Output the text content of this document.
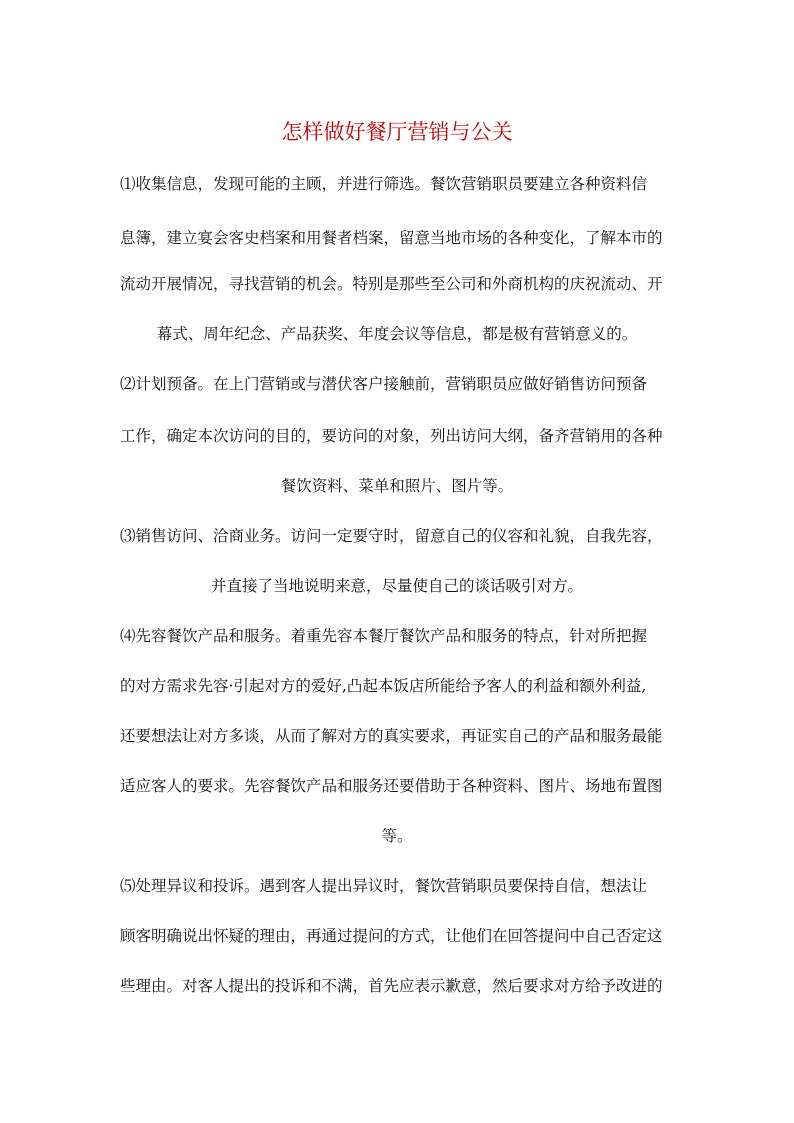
怎样做好餐厅营销与公关
⑴收集信息，发现可能的主顾，并进行筛选。餐饮营销职员要建立各种资料信
息簿，建立宴会客史档案和用餐者档案，留意当地市场的各种变化，了解本市的
流动开展情况，寻找营销的机会。特别是那些至公司和外商机构的庆祝流动、开
幕式、周年纪念、产品获奖、年度会议等信息，都是极有营销意义的。
⑵计划预备。在上门营销或与潜伏客户接触前，营销职员应做好销售访问预备
工作，确定本次访问的目的，要访问的对象，列出访问大纲，备齐营销用的各种
餐饮资料、菜单和照片、图片等。
⑶销售访问、洽商业务。访问一定要守时，留意自己的仪容和礼貌，自我先容，
并直接了当地说明来意，尽量使自己的谈话吸引对方。
⑷先容餐饮产品和服务。着重先容本餐厅餐饮产品和服务的特点，针对所把握
的对方需求先容·引起对方的爱好,凸起本饭店所能给予客人的利益和额外利益,
还要想法让对方多谈，从而了解对方的真实要求，再证实自己的产品和服务最能
适应客人的要求。先容餐饮产品和服务还要借助于各种资料、图片、场地布置图
等。
⑸处理异议和投诉。遇到客人提出异议时，餐饮营销职员要保持自信，想法让
顾客明确说出怀疑的理由，再通过提问的方式，让他们在回答提问中自己否定这
些理由。对客人提出的投诉和不满，首先应表示歉意，然后要求对方给予改进的
